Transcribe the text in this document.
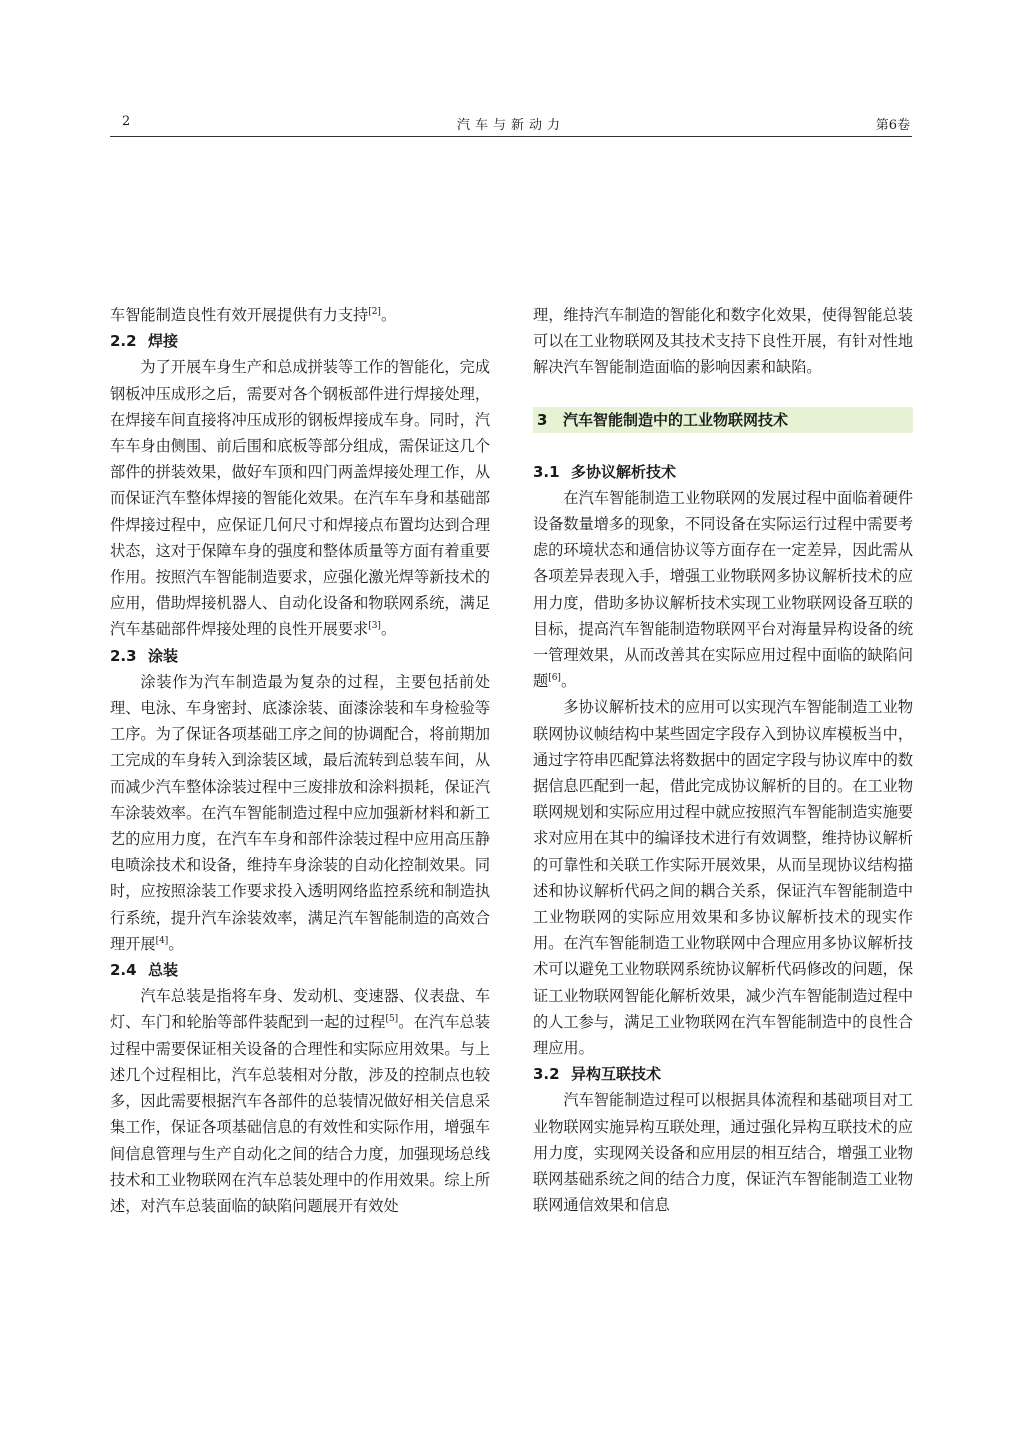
2	汽车与新动力	第6卷

车智能制造良性有效开展提供有力支持[2]。

2.2 焊接

为了开展车身生产和总成拼装等工作的智能化，完成钢板冲压成形之后，需要对各个钢板部件进行焊接处理，在焊接车间直接将冲压成形的钢板焊接成车身。同时，汽车车身由侧围、前后围和底板等部分组成，需保证这几个部件的拼装效果，做好车顶和四门两盖焊接处理工作，从而保证汽车整体焊接的智能化效果。在汽车车身和基础部件焊接过程中，应保证几何尺寸和焊接点布置均达到合理状态，这对于保障车身的强度和整体质量等方面有着重要作用。按照汽车智能制造要求，应强化激光焊等新技术的应用，借助焊接机器人、自动化设备和物联网系统，满足汽车基础部件焊接处理的良性开展要求[3]。

2.3 涂装

涂装作为汽车制造最为复杂的过程，主要包括前处理、电泳、车身密封、底漆涂装、面漆涂装和车身检验等工序。为了保证各项基础工序之间的协调配合，将前期加工完成的车身转入到涂装区域，最后流转到总装车间，从而减少汽车整体涂装过程中三废排放和涂料损耗，保证汽车涂装效率。在汽车智能制造过程中应加强新材料和新工艺的应用力度，在汽车车身和部件涂装过程中应用高压静电喷涂技术和设备，维持车身涂装的自动化控制效果。同时，应按照涂装工作要求投入透明网络监控系统和制造执行系统，提升汽车涂装效率，满足汽车智能制造的高效合理开展[4]。

2.4 总装

汽车总装是指将车身、发动机、变速器、仪表盘、车灯、车门和轮胎等部件装配到一起的过程[5]。在汽车总装过程中需要保证相关设备的合理性和实际应用效果。与上述几个过程相比，汽车总装相对分散，涉及的控制点也较多，因此需要根据汽车各部件的总装情况做好相关信息采集工作，保证各项基础信息的有效性和实际作用，增强车间信息管理与生产自动化之间的结合力度，加强现场总线技术和工业物联网在汽车总装处理中的作用效果。综上所述，对汽车总装面临的缺陷问题展开有效处

理，维持汽车制造的智能化和数字化效果，使得智能总装可以在工业物联网及其技术支持下良性开展，有针对性地解决汽车智能制造面临的影响因素和缺陷。

3 汽车智能制造中的工业物联网技术
3.1 多协议解析技术

在汽车智能制造工业物联网的发展过程中面临着硬件设备数量增多的现象，不同设备在实际运行过程中需要考虑的环境状态和通信协议等方面存在一定差异，因此需从各项差异表现入手，增强工业物联网多协议解析技术的应用力度，借助多协议解析技术实现工业物联网设备互联的目标，提高汽车智能制造物联网平台对海量异构设备的统一管理效果，从而改善其在实际应用过程中面临的缺陷问题[6]。

多协议解析技术的应用可以实现汽车智能制造工业物联网协议帧结构中某些固定字段存入到协议库模板当中，通过字符串匹配算法将数据中的固定字段与协议库中的数据信息匹配到一起，借此完成协议解析的目的。在工业物联网规划和实际应用过程中就应按照汽车智能制造实施要求对应用在其中的编译技术进行有效调整，维持协议解析的可靠性和关联工作实际开展效果，从而呈现协议结构描述和协议解析代码之间的耦合关系，保证汽车智能制造中工业物联网的实际应用效果和多协议解析技术的现实作用。在汽车智能制造工业物联网中合理应用多协议解析技术可以避免工业物联网系统协议解析代码修改的问题，保证工业物联网智能化解析效果，减少汽车智能制造过程中的人工参与，满足工业物联网在汽车智能制造中的良性合理应用。

3.2 异构互联技术

汽车智能制造过程可以根据具体流程和基础项目对工业物联网实施异构互联处理，通过强化异构互联技术的应用力度，实现网关设备和应用层的相互结合，增强工业物联网基础系统之间的结合力度，保证汽车智能制造工业物联网通信效果和信息
